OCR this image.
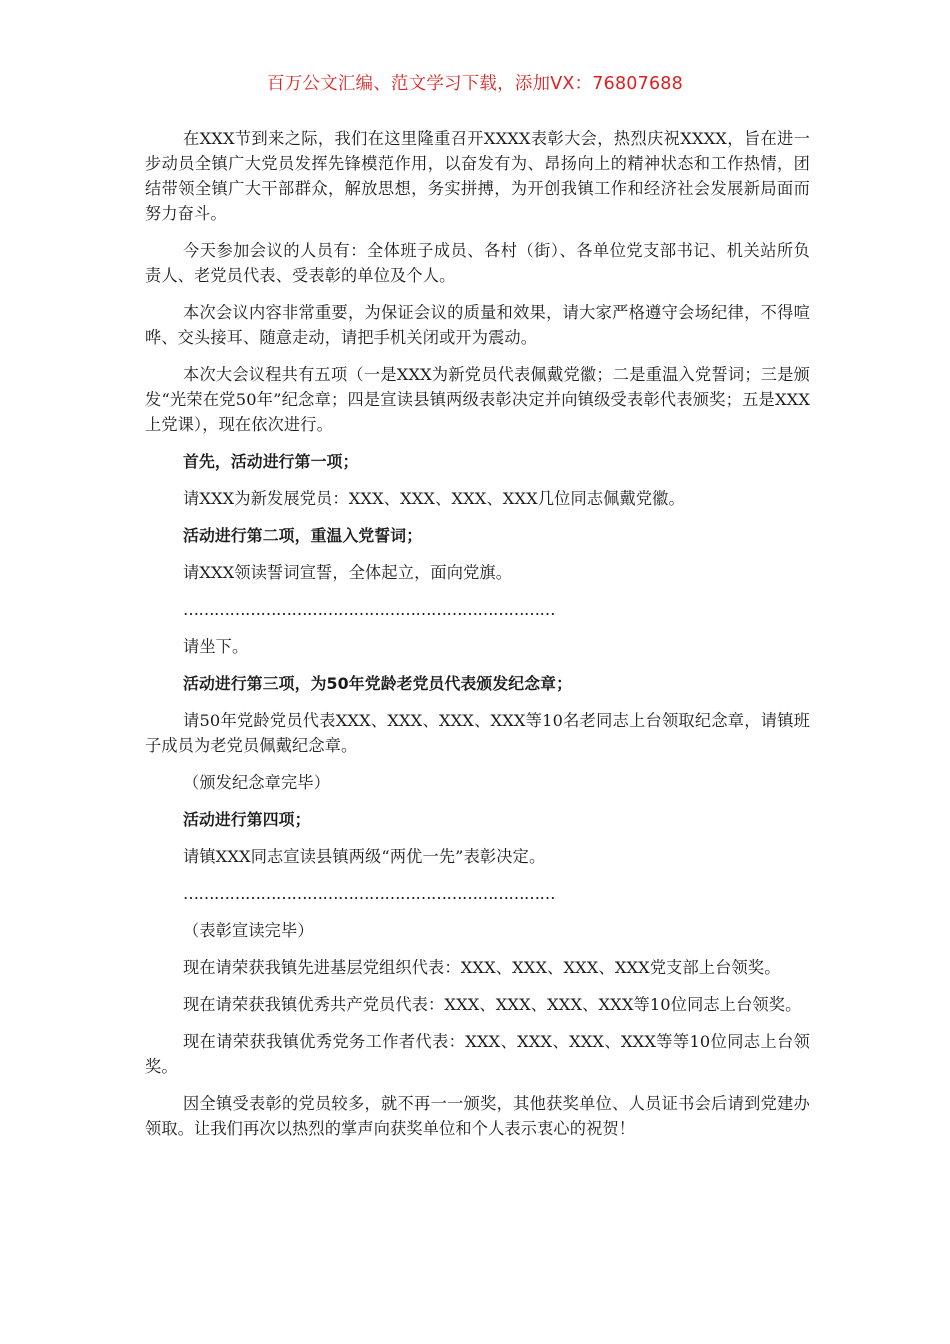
百万公文汇编、范文学习下载，添加VX：76807688

在XXX节到来之际，我们在这里隆重召开XXXX表彰大会，热烈庆祝XXXX，旨在进一步动员全镇广大党员发挥先锋模范作用，以奋发有为、昂扬向上的精神状态和工作热情，团结带领全镇广大干部群众，解放思想，务实拼搏，为开创我镇工作和经济社会发展新局面而努力奋斗。

今天参加会议的人员有：全体班子成员、各村（街）、各单位党支部书记、机关站所负责人、老党员代表、受表彰的单位及个人。

本次会议内容非常重要，为保证会议的质量和效果，请大家严格遵守会场纪律，不得喧哗、交头接耳、随意走动，请把手机关闭或开为震动。

本次大会议程共有五项（一是XXX为新党员代表佩戴党徽；二是重温入党誓词；三是颁发“光荣在党50年”纪念章；四是宣读县镇两级表彰决定并向镇级受表彰代表颁奖；五是XXX上党课），现在依次进行。

首先，活动进行第一项；

请XXX为新发展党员：XXX、XXX、XXX、XXX几位同志佩戴党徽。

活动进行第二项，重温入党誓词；

请XXX领读誓词宣誓，全体起立，面向党旗。

………………………………………………………………

请坐下。

活动进行第三项，为50年党龄老党员代表颁发纪念章；

请50年党龄党员代表XXX、XXX、XXX、XXX等10名老同志上台领取纪念章，请镇班子成员为老党员佩戴纪念章。

（颁发纪念章完毕）

活动进行第四项；

请镇XXX同志宣读县镇两级“两优一先”表彰决定。

………………………………………………………………

（表彰宣读完毕）

现在请荣获我镇先进基层党组织代表：XXX、XXX、XXX、XXX党支部上台领奖。

现在请荣获我镇优秀共产党员代表：XXX、XXX、XXX、XXX等10位同志上台领奖。

现在请荣获我镇优秀党务工作者代表：XXX、XXX、XXX、XXX等等10位同志上台领奖。

因全镇受表彰的党员较多，就不再一一颁奖，其他获奖单位、人员证书会后请到党建办领取。让我们再次以热烈的掌声向获奖单位和个人表示衷心的祝贺！
